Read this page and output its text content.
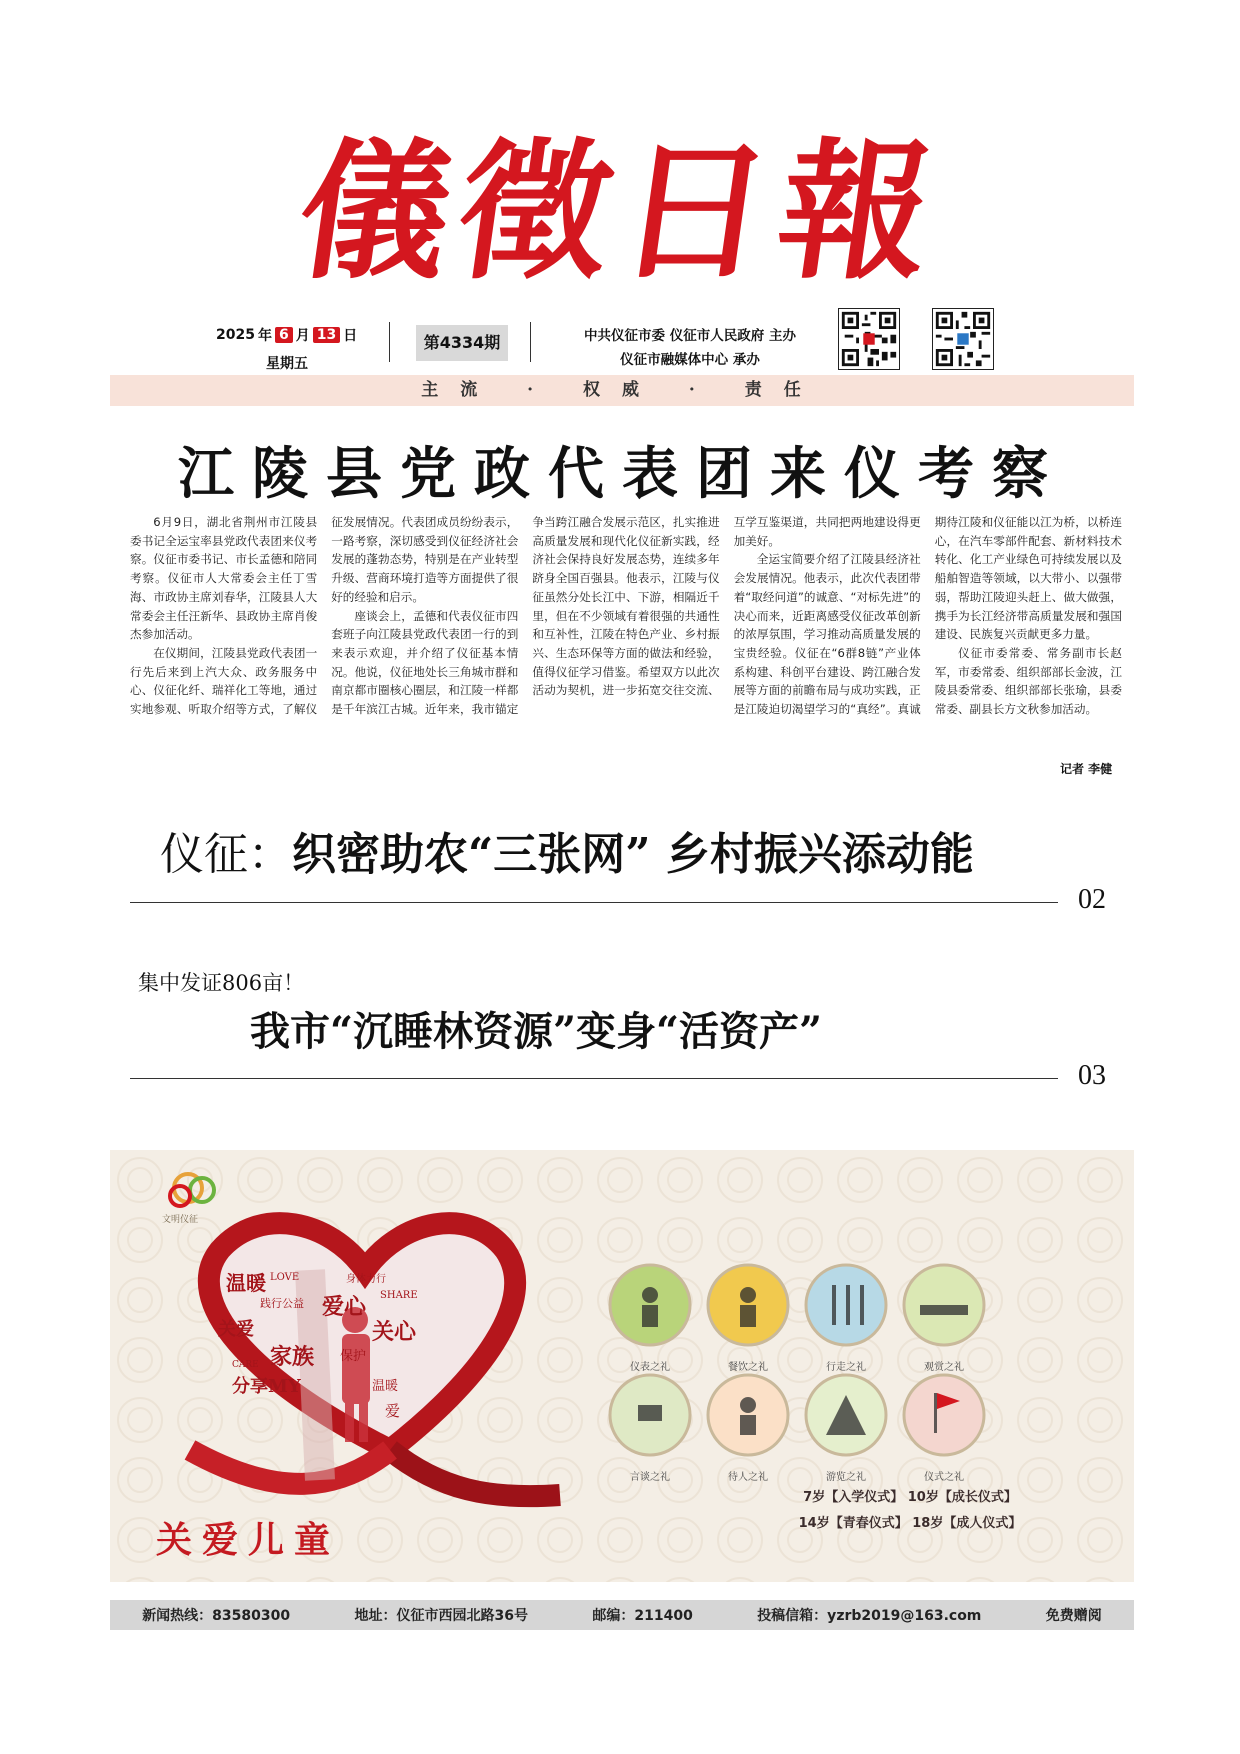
儀徵日報
2025 年 6 月 13 日
星期五
第4334期	中共仪征市委 仪征市人民政府 主办
仪征市融媒体中心 承办
主流 · 权威 · 责任
江陵县党政代表团来仪考察

6月9日，湖北省荆州市江陵县委书记全运宝率县党政代表团来仪考察。仪征市委书记、市长孟德和陪同考察。仪征市人大常委会主任丁雪海、市政协主席刘春华，江陵县人大常委会主任汪新华、县政协主席肖俊杰参加活动。

在仪期间，江陵县党政代表团一行先后来到上汽大众、政务服务中心、仪征化纤、瑞祥化工等地，通过实地参观、听取介绍等方式，了解仪征发展情况。代表团成员纷纷表示，一路考察，深切感受到仪征经济社会发展的蓬勃态势，特别是在产业转型升级、营商环境打造等方面提供了很好的经验和启示。

座谈会上，孟德和代表仪征市四套班子向江陵县党政代表团一行的到来表示欢迎，并介绍了仪征基本情况。他说，仪征地处长三角城市群和南京都市圈核心圈层，和江陵一样都是千年滨江古城。近年来，我市锚定争当跨江融合发展示范区，扎实推进高质量发展和现代化仪征新实践，经济社会保持良好发展态势，连续多年跻身全国百强县。他表示，江陵与仪征虽然分处长江中、下游，相隔近千里，但在不少领域有着很强的共通性和互补性，江陵在特色产业、乡村振兴、生态环保等方面的做法和经验，值得仪征学习借鉴。希望双方以此次活动为契机，进一步拓宽交往交流、互学互鉴渠道，共同把两地建设得更加美好。

全运宝简要介绍了江陵县经济社会发展情况。他表示，此次代表团带着“取经问道”的诚意、“对标先进”的决心而来，近距离感受仪征改革创新的浓厚氛围，学习推动高质量发展的宝贵经验。仪征在“6群8链”产业体系构建、科创平台建设、跨江融合发展等方面的前瞻布局与成功实践，正是江陵迫切渴望学习的“真经”。真诚期待江陵和仪征能以江为桥，以桥连心，在汽车零部件配套、新材料技术转化、化工产业绿色可持续发展以及船舶智造等领域，以大带小、以强带弱，帮助江陵迎头赶上、做大做强，携手为长江经济带高质量发展和强国建设、民族复兴贡献更多力量。

仪征市委常委、常务副市长赵军，市委常委、组织部部长金波，江陵县委常委、组织部部长张瑜，县委常委、副县长方文秋参加活动。

记者 李健
仪征：织密助农“三张网” 乡村振兴添动能
02
集中发证806亩！
我市“沉睡林资源”变身“活资产”
03
温暖
爱心
关心
家族
关爱
分享MY
践行公益
保护
LOVE
SHARE
CARE
身体力行
温暖
爱
文明仪征
仪表之礼	餐饮之礼	行走之礼	观赏之礼
言谈之礼	待人之礼	游览之礼	仪式之礼
关爱儿童
7岁【入学仪式】 10岁【成长仪式】
14岁【青春仪式】 18岁【成人仪式】
新闻热线：83580300	地址：仪征市西园北路36号	邮编：211400	投稿信箱：yzrb2019@163.com	免费赠阅
